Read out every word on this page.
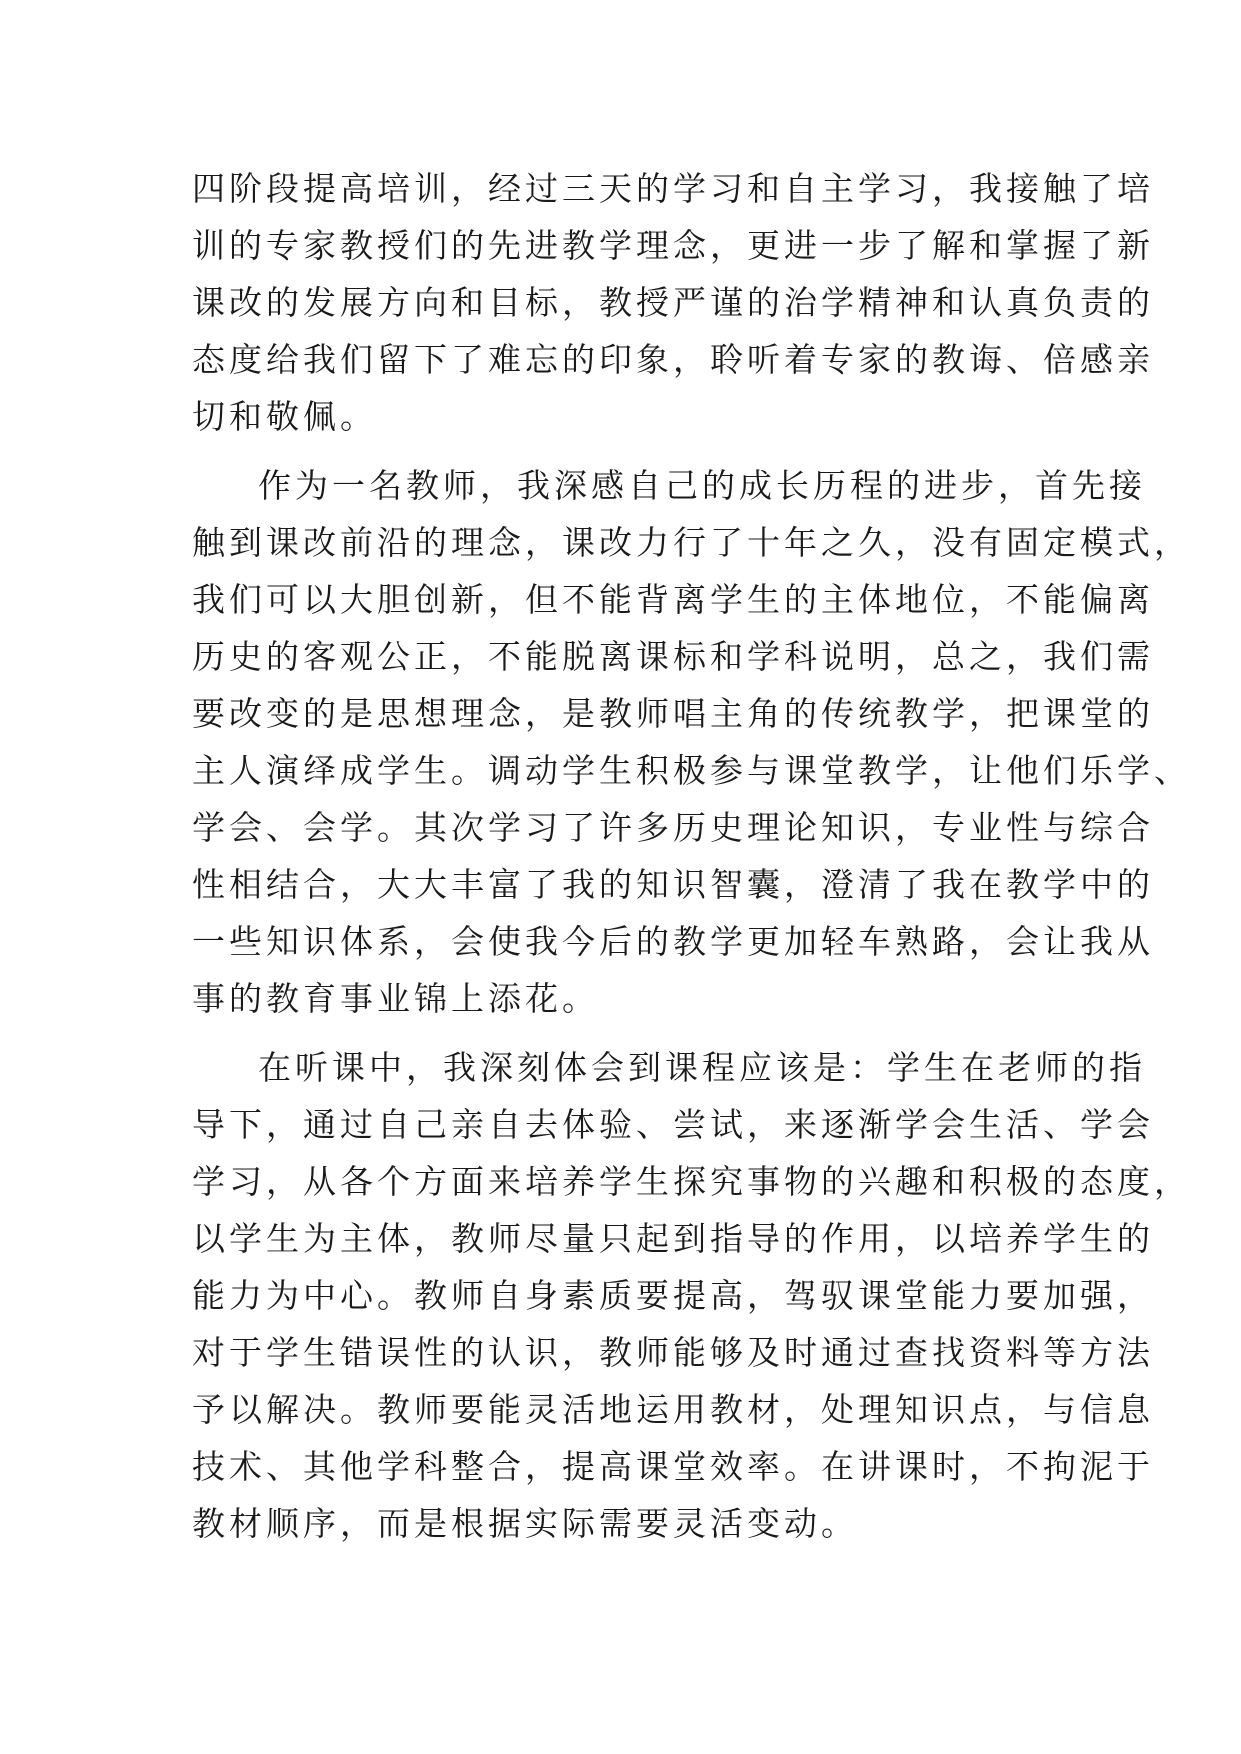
四阶段提高培训，经过三天的学习和自主学习，我接触了培
训的专家教授们的先进教学理念，更进一步了解和掌握了新
课改的发展方向和目标，教授严谨的治学精神和认真负责的
态度给我们留下了难忘的印象，聆听着专家的教诲、倍感亲
切和敬佩。
作为一名教师，我深感自己的成长历程的进步，首先接
触到课改前沿的理念，课改力行了十年之久，没有固定模式，
我们可以大胆创新，但不能背离学生的主体地位，不能偏离
历史的客观公正，不能脱离课标和学科说明，总之，我们需
要改变的是思想理念，是教师唱主角的传统教学，把课堂的
主人演绎成学生。调动学生积极参与课堂教学，让他们乐学、
学会、会学。其次学习了许多历史理论知识，专业性与综合
性相结合，大大丰富了我的知识智囊，澄清了我在教学中的
一些知识体系，会使我今后的教学更加轻车熟路，会让我从
事的教育事业锦上添花。
在听课中，我深刻体会到课程应该是：学生在老师的指
导下，通过自己亲自去体验、尝试，来逐渐学会生活、学会
学习，从各个方面来培养学生探究事物的兴趣和积极的态度，
以学生为主体，教师尽量只起到指导的作用，以培养学生的
能力为中心。教师自身素质要提高，驾驭课堂能力要加强，
对于学生错误性的认识，教师能够及时通过查找资料等方法
予以解决。教师要能灵活地运用教材，处理知识点，与信息
技术、其他学科整合，提高课堂效率。在讲课时，不拘泥于
教材顺序，而是根据实际需要灵活变动。
